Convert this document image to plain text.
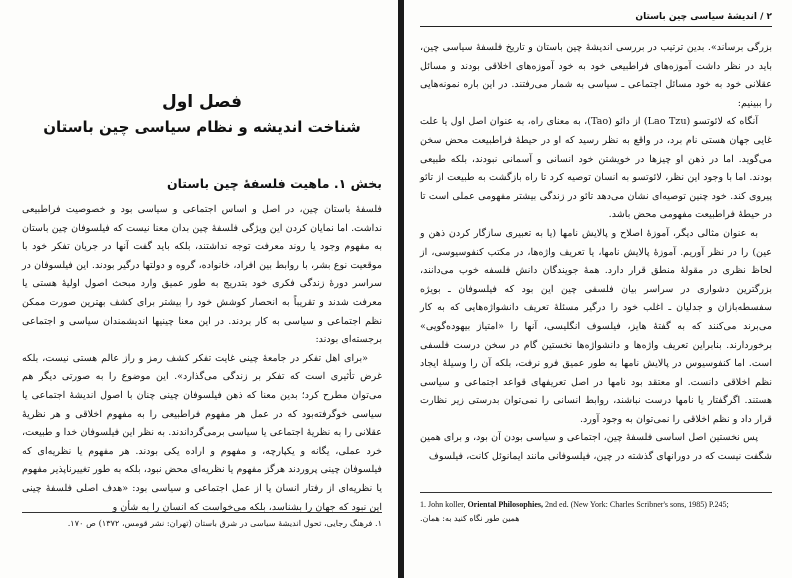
فصل اول
شناخت اندیشه و نظام سیاسی چین باستان
بخش ۱. ماهیت فلسفهٔ چین باستان

فلسفهٔ باستان چین، در اصل و اساس اجتماعی و سیاسی بود و خصوصیت فراطبیعی نداشت. اما نمایان کردن این ویژگی فلسفهٔ چین بدان معنا نیست که فیلسوفان چین باستان به مفهوم وجود یا روند معرفت توجه نداشتند، بلکه باید گفت آنها در جریان تفکر خود با موقعیت نوع بشر، با روابط بین افراد، خانواده، گروه و دولتها درگیر بودند. این فیلسوفان در سراسر دورهٔ زندگی فکری خود بتدریج به طور عمیق وارد مبحث اصول اولیهٔ هستی یا معرفت شدند و تقریباً به انحصار کوشش خود را بیشتر برای کشف بهترین صورت ممکن نظم اجتماعی و سیاسی به کار بردند. در این معنا چینیها اندیشمندان سیاسی و اجتماعی برجسته‌ای بودند:

«برای اهل تفکر در جامعهٔ چینی غایت تفکر کشف رمز و راز عالم هستی نیست، بلکه غرض تأثیری است که تفکر بر زندگی می‌گذارد». این موضوع را به صورتی دیگر هم می‌توان مطرح کرد؛ بدین معنا که ذهن فیلسوفان چینی چنان با اصول اندیشهٔ اجتماعی یا سیاسی خوگرفته‌بود که در عمل هر مفهوم فراطبیعی را به مفهوم اخلاقی و هر نظریهٔ عقلانی را به نظریهٔ اجتماعی یا سیاسی برمی‌گرداندند. به نظر این فیلسوفان خدا و طبیعت، خرد عملی، یگانه و یکپارچه، و مفهوم و اراده یکی بودند. هر مفهوم یا نظریه‌ای که فیلسوفان چینی پروردند هرگز مفهوم یا نظریه‌ای محض نبود، بلکه به طور تغییرناپذیر مفهوم یا نظریه‌ای از رفتار انسان یا از عمل اجتماعی و سیاسی بود: «هدف اصلی فلسفهٔ چینی این نبود که جهان را بشناسد، بلکه می‌خواست که انسان را به شأن و

۱. فرهنگ رجایی، تحول اندیشهٔ سیاسی در شرق باستان (تهران: نشر قومس، ۱۳۷۲) ص ۱۷۰.
۲ / اندیشهٔ سیاسی چین باستان

بزرگی برساند». بدین ترتیب در بررسی اندیشهٔ چین باستان و تاریخ فلسفهٔ سیاسی چین، باید در نظر داشت آموزه‌های فراطبیعی خود به خود آموزه‌های اخلاقی بودند و مسائل عقلانی خود به خود مسائل اجتماعی ـ سیاسی به شمار می‌رفتند. در این باره نمونه‌هایی را ببینیم:

آنگاه که لائوتسو (Lao Tzu) از دائو (Tao)، به معنای راه، به عنوان اصل اول یا علت غایی جهان هستی نام برد، در واقع به نظر رسید که او در حیطهٔ فراطبیعت محض سخن می‌گوید. اما در ذهن او چیزها در خویشتن خود انسانی و آسمانی نبودند، بلکه طبیعی بودند. اما با وجود این نظر، لائوتسو به انسان توصیه کرد تا راه بازگشت به طبیعت از تائو پیروی کند. خود چنین توصیه‌ای نشان می‌دهد تائو در زندگی بیشتر مفهومی عملی است تا در حیطهٔ فراطبیعت مفهومی محض باشد.

به عنوان مثالی دیگر، آموزهٔ اصلاح و پالایش نامها (یا به تعبیری سازگار کردن ذهن و عین) را در نظر آوریم. آموزهٔ پالایش نامها، یا تعریف واژه‌ها، در مکتب کنفوسیوسی، از لحاظ نظری در مقولهٔ منطق قرار دارد. همهٔ جویندگان دانش فلسفه خوب می‌دانند، بزرگترین دشواری در سراسر بیان فلسفی چین این بود که فیلسوفان ـ بویژه سفسطه‌بازان و جدلیان ـ اغلب خود را درگیر مسئلهٔ تعریف دانشواژه‌هایی که به کار می‌برند می‌کنند که به گفتهٔ هایز، فیلسوف انگلیسی، آنها را «امتیاز بیهوده‌گویی» برخوردارند. بنابراین تعریف واژه‌ها و دانشواژه‌ها نخستین گام در سخن درست فلسفی است. اما کنفوسیوس در پالایش نامها به طور عمیق فرو نرفت، بلکه آن را وسیلهٔ ایجاد نظم اخلاقی دانست. او معتقد بود نامها در اصل تعریفهای قواعد اجتماعی و سیاسی هستند. اگرگفتار یا نامها درست نباشند، روابط انسانی را نمی‌توان بدرستی زیر نظارت قرار داد و نظم اخلاقی را نمی‌توان به وجود آورد.

پس نخستین اصل اساسی فلسفهٔ چین، اجتماعی و سیاسی بودن آن بود، و برای همین شگفت نیست که در دورانهای گذشته در چین، فیلسوفانی مانند ایمانوئل کانت، فیلسوف

1. John koller, Oriental Philosophies, 2nd ed. (New York: Charles Scribner's sons, 1985) P.245;
همین طور نگاه کنید به: همان.
